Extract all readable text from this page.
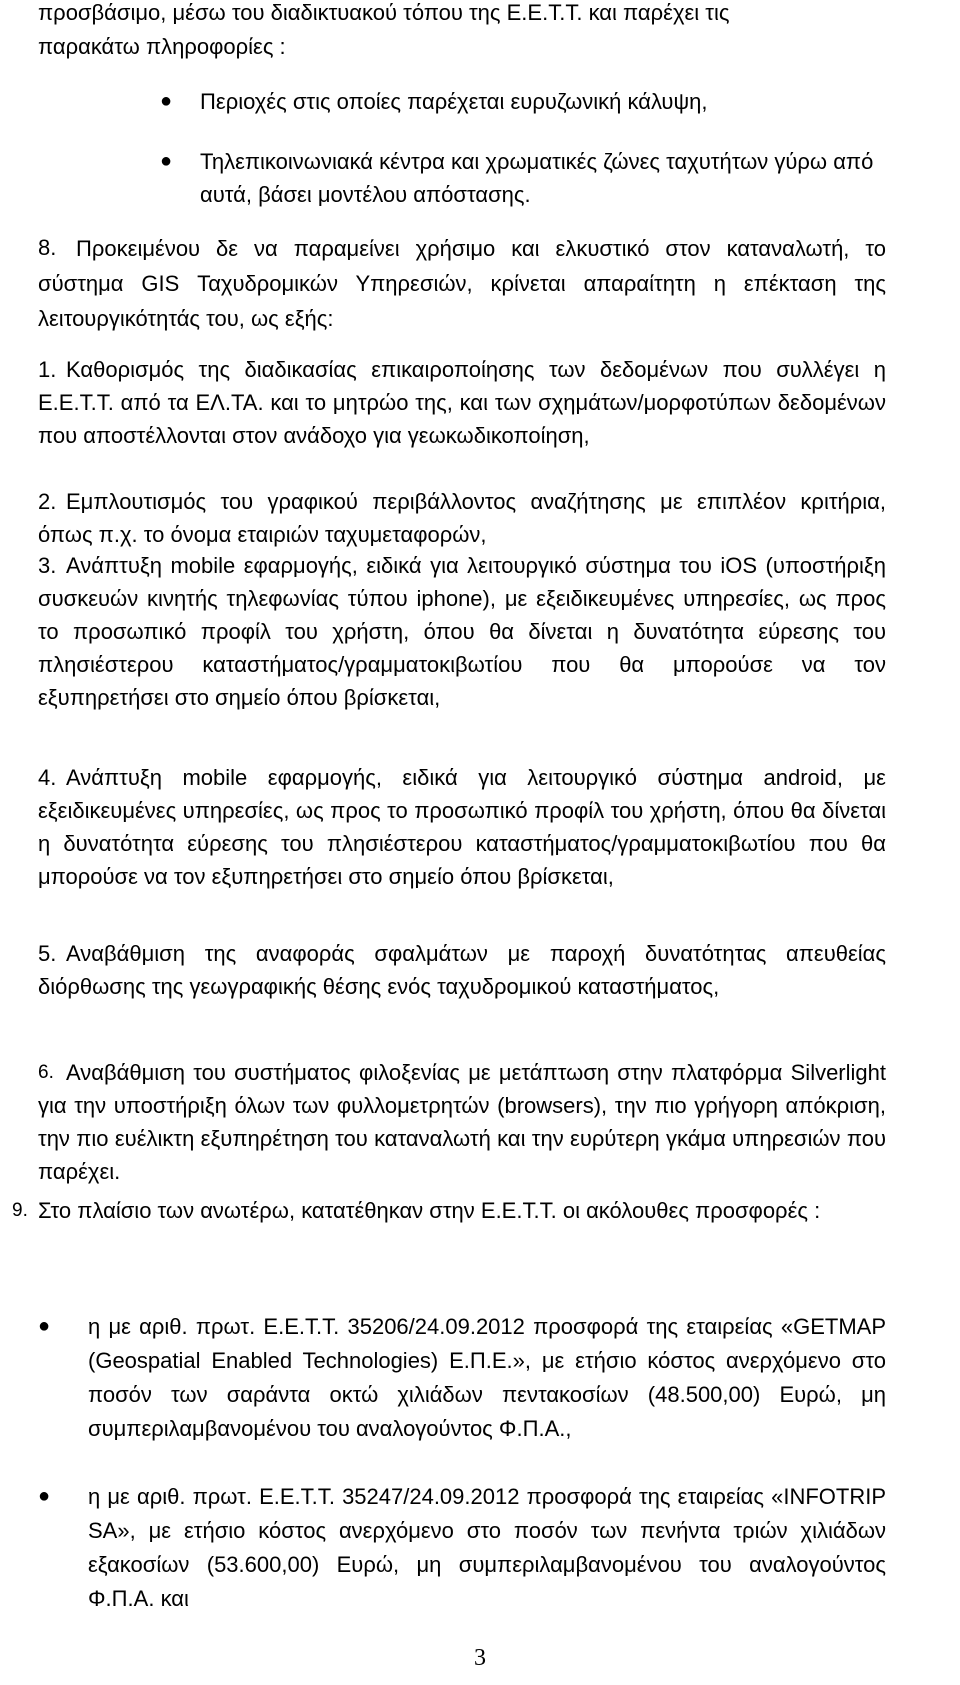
προσβάσιμο, μέσω του διαδικτυακού τόπου της Ε.Ε.Τ.Τ. και παρέχει τις
παρακάτω πληροφορίες :
● Περιοχές στις οποίες παρέχεται ευρυζωνική κάλυψη,
● Τηλεπικοινωνιακά κέντρα και χρωματικές ζώνες ταχυτήτων γύρω από αυτά, βάσει μοντέλου απόστασης.
8. Προκειμένου δε να παραμείνει χρήσιμο και ελκυστικό στον καταναλωτή, το σύστημα GIS Ταχυδρομικών Υπηρεσιών, κρίνεται απαραίτητη η επέκταση της λειτουργικότητάς του, ως εξής:
1. Καθορισμός της διαδικασίας επικαιροποίησης των δεδομένων που συλλέγει η Ε.Ε.Τ.Τ. από τα ΕΛ.ΤΑ. και το μητρώο της, και των σχημάτων/μορφοτύπων δεδομένων που αποστέλλονται στον ανάδοχο για γεωκωδικοποίηση,
2. Εμπλουτισμός του γραφικού περιβάλλοντος αναζήτησης με επιπλέον κριτήρια, όπως π.χ. το όνομα εταιριών ταχυμεταφορών,
3. Ανάπτυξη mobile εφαρμογής, ειδικά για λειτουργικό σύστημα του iOS (υποστήριξη συσκευών κινητής τηλεφωνίας τύπου iphone), με εξειδικευμένες υπηρεσίες, ως προς το προσωπικό προφίλ του χρήστη, όπου θα δίνεται η δυνατότητα εύρεσης του πλησιέστερου καταστήματος/γραμματοκιβωτίου που θα μπορούσε να τον εξυπηρετήσει στο σημείο όπου βρίσκεται,
4. Ανάπτυξη mobile εφαρμογής, ειδικά για λειτουργικό σύστημα android, με εξειδικευμένες υπηρεσίες, ως προς το προσωπικό προφίλ του χρήστη, όπου θα δίνεται η δυνατότητα εύρεσης του πλησιέστερου καταστήματος/γραμματοκιβωτίου που θα μπορούσε να τον εξυπηρετήσει στο σημείο όπου βρίσκεται,
5. Αναβάθμιση της αναφοράς σφαλμάτων με παροχή δυνατότητας απευθείας διόρθωσης της γεωγραφικής θέσης ενός ταχυδρομικού καταστήματος,
6. Αναβάθμιση του συστήματος φιλοξενίας με μετάπτωση στην πλατφόρμα Silverlight για την υποστήριξη όλων των φυλλομετρητών (browsers), την πιο γρήγορη απόκριση, την πιο ευέλικτη εξυπηρέτηση του καταναλωτή και την ευρύτερη γκάμα υπηρεσιών που παρέχει.
9. Στο πλαίσιο των ανωτέρω, κατατέθηκαν στην Ε.Ε.Τ.Τ. οι ακόλουθες προσφορές :
● η με αριθ. πρωτ. Ε.Ε.Τ.Τ. 35206/24.09.2012 προσφορά της εταιρείας «GETMAP (Geospatial Enabled Technologies) Ε.Π.Ε.», με ετήσιο κόστος ανερχόμενο στο ποσόν των σαράντα οκτώ χιλιάδων πεντακοσίων (48.500,00) Ευρώ, μη συμπεριλαμβανομένου του αναλογούντος Φ.Π.Α.,
● η με αριθ. πρωτ. Ε.Ε.Τ.Τ. 35247/24.09.2012 προσφορά της εταιρείας «INFOTRIP SA», με ετήσιο κόστος ανερχόμενο στο ποσόν των πενήντα τριών χιλιάδων εξακοσίων (53.600,00) Ευρώ, μη συμπεριλαμβανομένου του αναλογούντος Φ.Π.Α. και
3
